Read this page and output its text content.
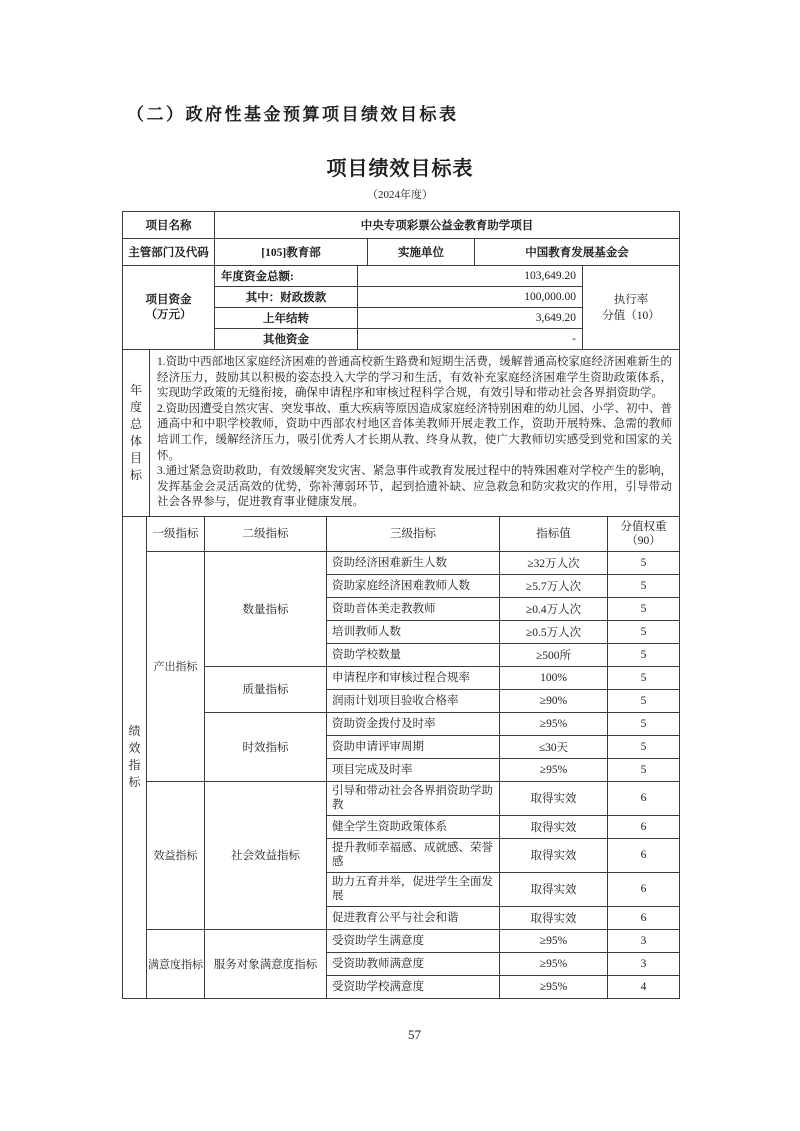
（二）政府性基金预算项目绩效目标表
项目绩效目标表
（2024年度）
项目名称	中央专项彩票公益金教育助学项目		
主管部门及代码	[105]教育部	实施单位	中国教育发展基金会
项目资金
（万元）
	年度资金总额:	103,649.20	
执行率
分值（10）

	其中：财政拨款	100,000.00	
	上年结转	3,649.20	
	其他资金	-	
年度总体目标

1.资助中西部地区家庭经济困难的普通高校新生路费和短期生活费，缓解普通高校家庭经济困难新生的经济压力，鼓励其以积极的姿态投入大学的学习和生活，有效补充家庭经济困难学生资助政策体系，实现助学政策的无缝衔接，确保申请程序和审核过程科学合规，有效引导和带动社会各界捐资助学。

2.资助因遭受自然灾害、突发事故、重大疾病等原因造成家庭经济特别困难的幼儿园、小学、初中、普通高中和中职学校教师，资助中西部农村地区音体美教师开展走教工作，资助开展特殊、急需的教师培训工作，缓解经济压力，吸引优秀人才长期从教、终身从教，使广大教师切实感受到党和国家的关怀。

3.通过紧急资助救助，有效缓解突发灾害、紧急事件或教育发展过程中的特殊困难对学校产生的影响，发挥基金会灵活高效的优势，弥补薄弱环节，起到拾遗补缺、应急救急和防灾救灾的作用，引导带动社会各界参与，促进教育事业健康发展。

绩效指标	一级指标	二级指标	三级指标	指标值	分值权重
（90）

	产出指标	数量指标	资助经济困难新生人数	≥32万人次	5
			资助家庭经济困难教师人数	≥5.7万人次	5
			资助音体美走教教师	≥0.4万人次	5
			培训教师人数	≥0.5万人次	5
			资助学校数量	≥500所	5
		质量指标	申请程序和审核过程合规率	100%	5
			润雨计划项目验收合格率	≥90%	5
		时效指标	资助资金拨付及时率	≥95%	5
			资助申请评审周期	≤30天	5
			项目完成及时率	≥95%	5
	效益指标	社会效益指标	引导和带动社会各界捐资助学助教	取得实效	6
			健全学生资助政策体系	取得实效	6
			提升教师幸福感、成就感、荣誉感	取得实效	6
			助力五育并举，促进学生全面发展	取得实效	6
			促进教育公平与社会和谐	取得实效	6
	满意度指标	服务对象满意度指标	受资助学生满意度	≥95%	3
			受资助教师满意度	≥95%	3
			受资助学校满意度	≥95%	4
57
